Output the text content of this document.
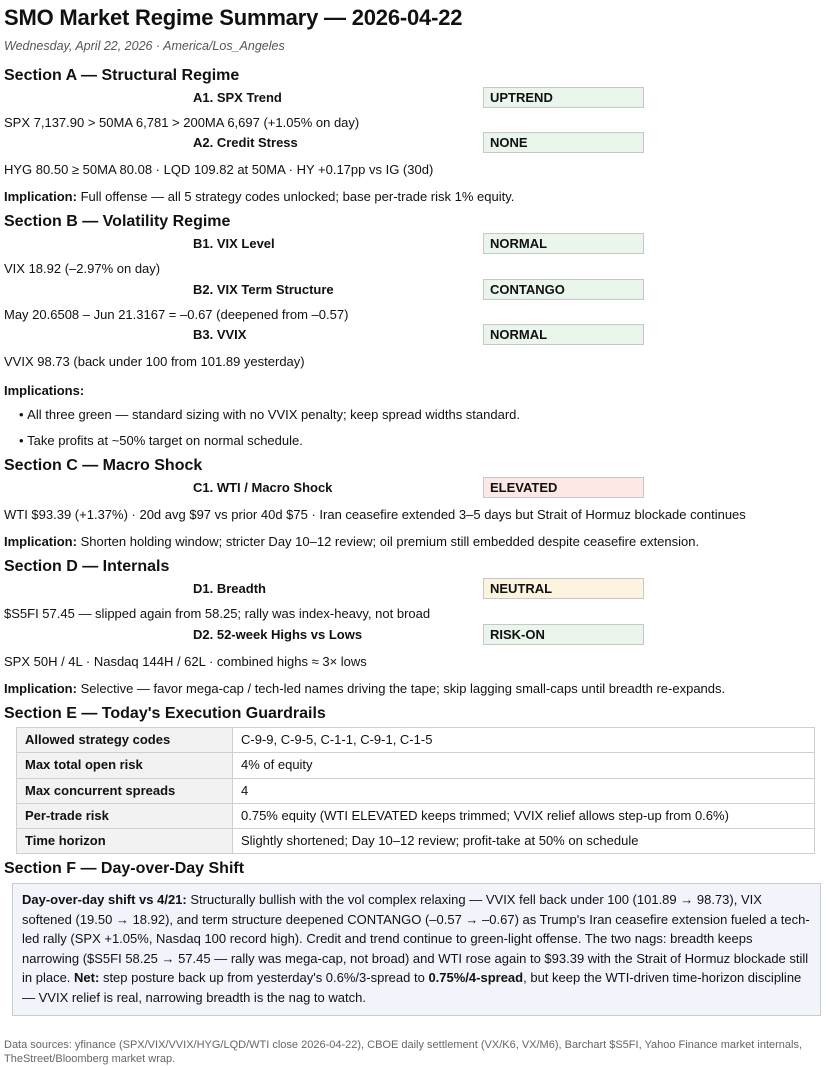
SMO Market Regime Summary — 2026-04-22
Wednesday, April 22, 2026 · America/Los_Angeles
Section A — Structural Regime
A1. SPX Trend	UPTREND
SPX 7,137.90 > 50MA 6,781 > 200MA 6,697 (+1.05% on day)
A2. Credit Stress	NONE
HYG 80.50 ≥ 50MA 80.08 · LQD 109.82 at 50MA · HY +0.17pp vs IG (30d)
Implication: Full offense — all 5 strategy codes unlocked; base per-trade risk 1% equity.
Section B — Volatility Regime
B1. VIX Level	NORMAL
VIX 18.92 (–2.97% on day)
B2. VIX Term Structure	CONTANGO
May 20.6508 – Jun 21.3167 = –0.67 (deepened from –0.57)
B3. VVIX	NORMAL
VVIX 98.73 (back under 100 from 101.89 yesterday)
Implications:
• All three green — standard sizing with no VVIX penalty; keep spread widths standard.
• Take profits at ~50% target on normal schedule.
Section C — Macro Shock
C1. WTI / Macro Shock	ELEVATED
WTI $93.39 (+1.37%) · 20d avg $97 vs prior 40d $75 · Iran ceasefire extended 3–5 days but Strait of Hormuz blockade continues
Implication: Shorten holding window; stricter Day 10–12 review; oil premium still embedded despite ceasefire extension.
Section D — Internals
D1. Breadth	NEUTRAL
$S5FI 57.45 — slipped again from 58.25; rally was index-heavy, not broad
D2. 52-week Highs vs Lows	RISK-ON
SPX 50H / 4L · Nasdaq 144H / 62L · combined highs ≈ 3× lows
Implication: Selective — favor mega-cap / tech-led names driving the tape; skip lagging small-caps until breadth re-expands.
Section E — Today's Execution Guardrails
Allowed strategy codes	C-9-9, C-9-5, C-1-1, C-9-1, C-1-5
Max total open risk	4% of equity
Max concurrent spreads	4
Per-trade risk	0.75% equity (WTI ELEVATED keeps trimmed; VVIX relief allows step-up from 0.6%)
Time horizon	Slightly shortened; Day 10–12 review; profit-take at 50% on schedule
Section F — Day-over-Day Shift
Day-over-day shift vs 4/21: Structurally bullish with the vol complex relaxing — VVIX fell back under 100 (101.89 → 98.73), VIX softened (19.50 → 18.92), and term structure deepened CONTANGO (–0.57 → –0.67) as Trump's Iran ceasefire extension fueled a tech-led rally (SPX +1.05%, Nasdaq 100 record high). Credit and trend continue to green-light offense. The two nags: breadth keeps narrowing ($S5FI 58.25 → 57.45 — rally was mega-cap, not broad) and WTI rose again to $93.39 with the Strait of Hormuz blockade still in place. Net: step posture back up from yesterday's 0.6%/3-spread to 0.75%/4-spread, but keep the WTI-driven time-horizon discipline — VVIX relief is real, narrowing breadth is the nag to watch.
Data sources: yfinance (SPX/VIX/VVIX/HYG/LQD/WTI close 2026-04-22), CBOE daily settlement (VX/K6, VX/M6), Barchart $S5FI, Yahoo Finance market internals, TheStreet/Bloomberg market wrap.
